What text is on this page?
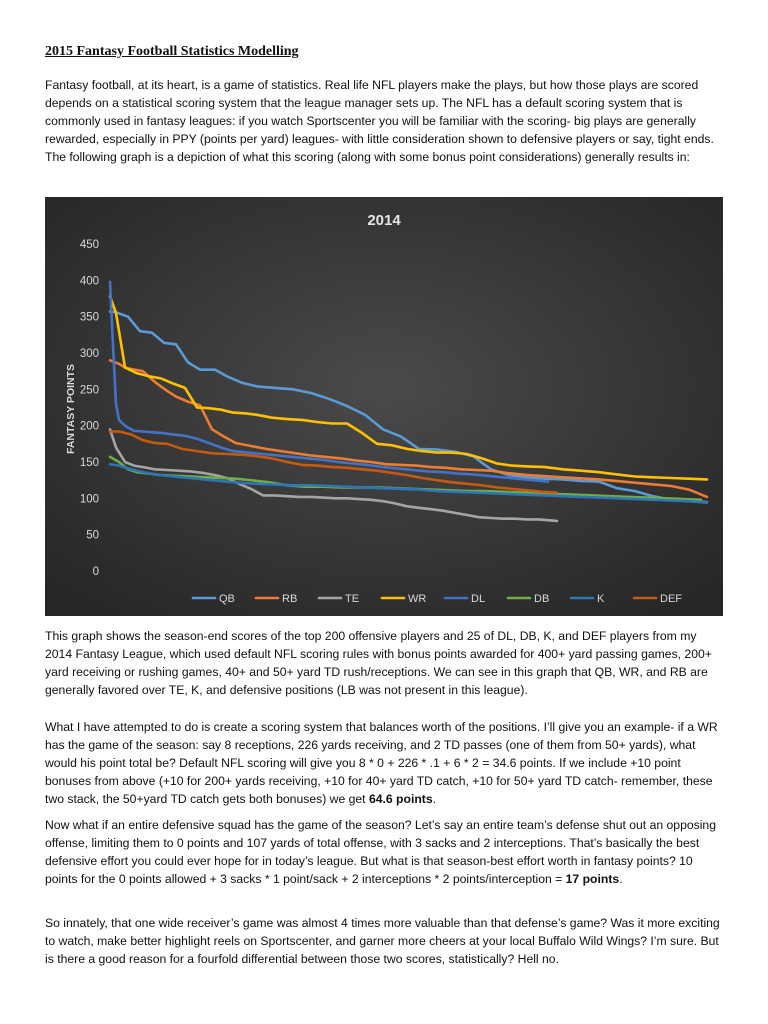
2015 Fantasy Football Statistics Modelling

Fantasy football, at its heart, is a game of statistics. Real life NFL players make the plays, but how those plays are scored depends on a statistical scoring system that the league manager sets up. The NFL has a default scoring system that is commonly used in fantasy leagues: if you watch Sportscenter you will be familiar with the scoring- big plays are generally rewarded, especially in PPY (points per yard) leagues- with little consideration shown to defensive players or say, tight ends. The following graph is a depiction of what this scoring (along with some bonus point considerations) generally results in:

2014
FANTASY POINTS
0
50
100
150
200
250
300
350
400
450
QB	RB	TE	WR	DL	DB	K	DEF

This graph shows the season-end scores of the top 200 offensive players and 25 of DL, DB, K, and DEF players from my 2014 Fantasy League, which used default NFL scoring rules with bonus points awarded for 400+ yard passing games, 200+ yard receiving or rushing games, 40+ and 50+ yard TD rush/receptions. We can see in this graph that QB, WR, and RB are generally favored over TE, K, and defensive positions (LB was not present in this league).

What I have attempted to do is create a scoring system that balances worth of the positions. I’ll give you an example- if a WR has the game of the season: say 8 receptions, 226 yards receiving, and 2 TD passes (one of them from 50+ yards), what would his point total be? Default NFL scoring will give you 8 * 0 + 226 * .1 + 6 * 2 = 34.6 points. If we include +10 point bonuses from above (+10 for 200+ yards receiving, +10 for 40+ yard TD catch, +10 for 50+ yard TD catch- remember, these two stack, the 50+yard TD catch gets both bonuses) we get 64.6 points.

Now what if an entire defensive squad has the game of the season? Let’s say an entire team’s defense shut out an opposing offense, limiting them to 0 points and 107 yards of total offense, with 3 sacks and 2 interceptions. That’s basically the best defensive effort you could ever hope for in today’s league. But what is that season-best effort worth in fantasy points? 10 points for the 0 points allowed + 3 sacks * 1 point/sack + 2 interceptions * 2 points/interception = 17 points.

So innately, that one wide receiver’s game was almost 4 times more valuable than that defense’s game? Was it more exciting to watch, make better highlight reels on Sportscenter, and garner more cheers at your local Buffalo Wild Wings? I’m sure. But is there a good reason for a fourfold differential between those two scores, statistically? Hell no.
